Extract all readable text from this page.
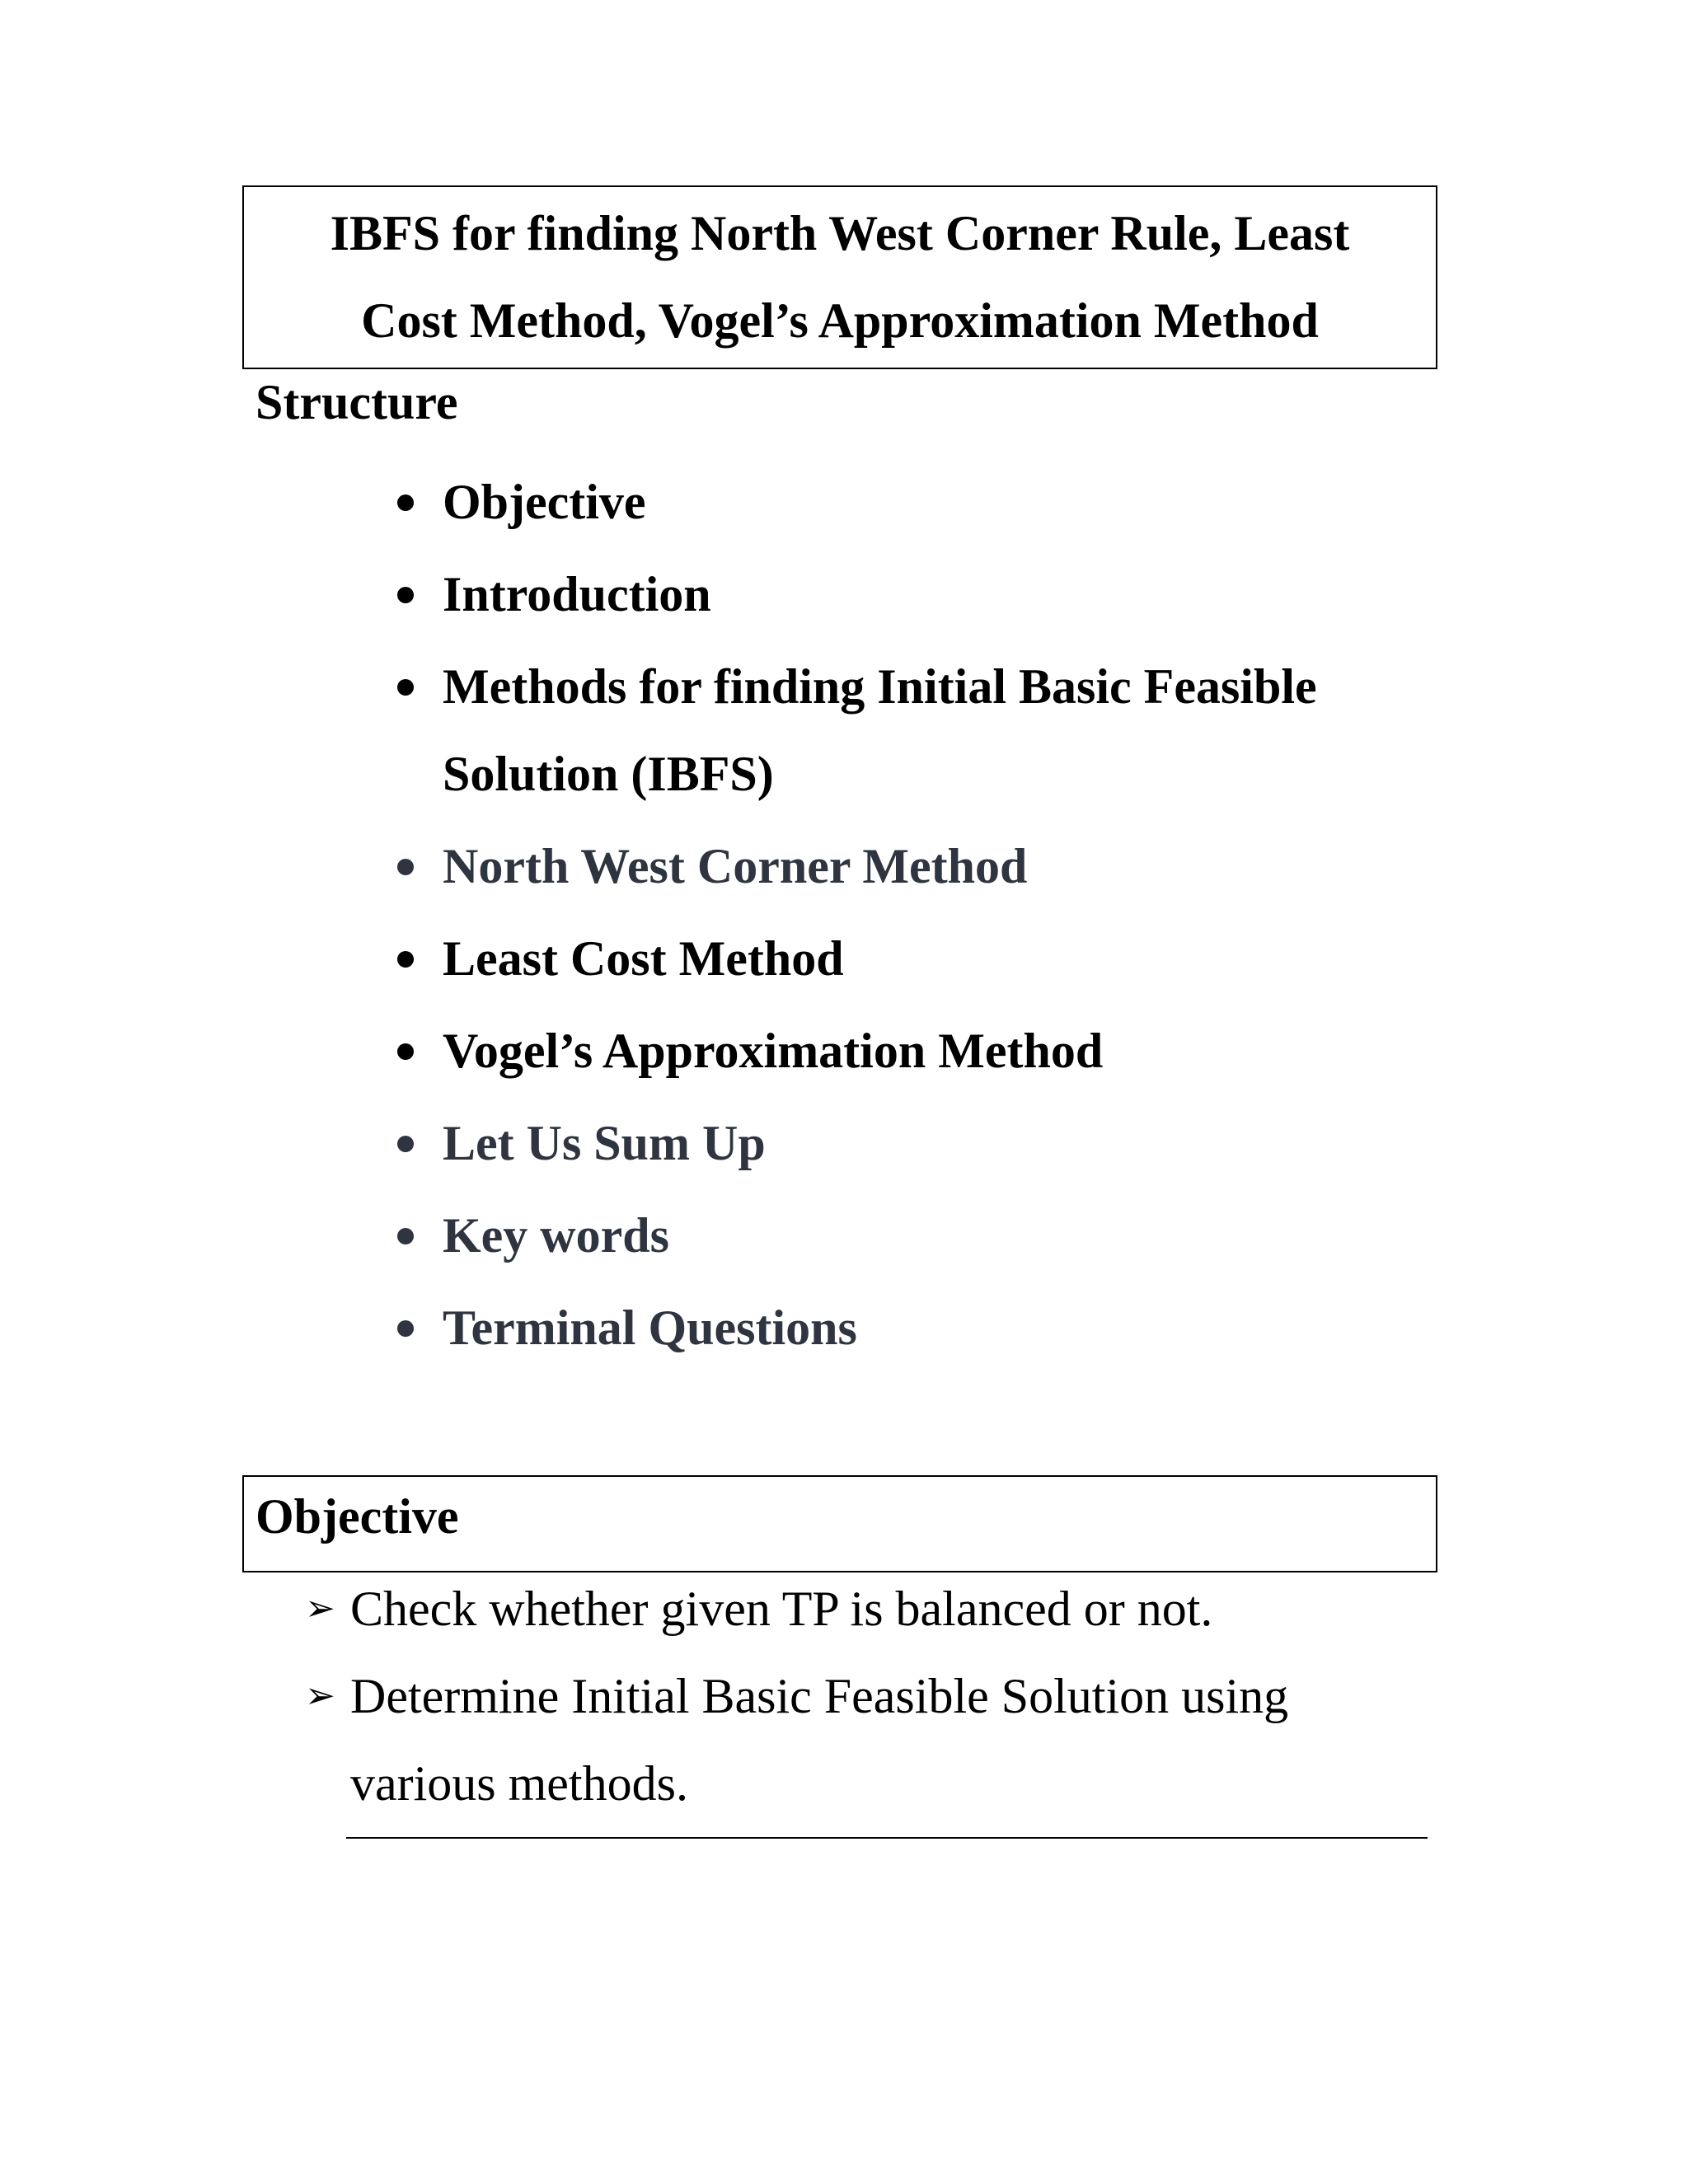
IBFS for finding North West Corner Rule, Least
Cost Method, Vogel’s Approximation Method
Structure
Objective
Introduction
Methods for finding Initial Basic Feasible
Solution (IBFS)
North West Corner Method
Least Cost Method
Vogel’s Approximation Method
Let Us Sum Up
Key words
Terminal Questions
Objective
➢ Check whether given TP is balanced or not.
➢ Determine Initial Basic Feasible Solution using
various methods.
